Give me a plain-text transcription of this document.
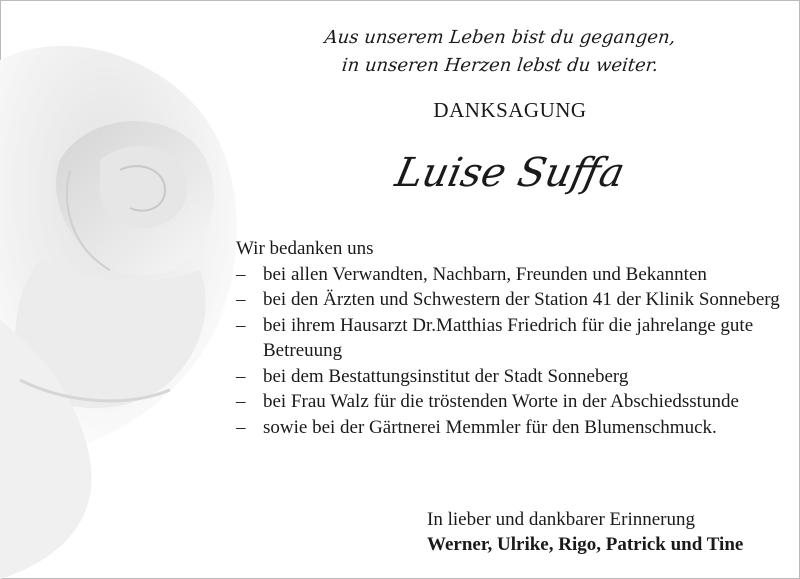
Aus unserem Leben bist du gegangen,
in unseren Herzen lebst du weiter.
DANKSAGUNG
Luise Suffa

Wir bedanken uns

– bei allen Verwandten, Nachbarn, Freunden und Bekannten
– bei den Ärzten und Schwestern der Station 41 der Klinik Sonneberg
– bei ihrem Hausarzt Dr.Matthias Friedrich für die jahrelange gute Betreuung
– bei dem Bestattungsinstitut der Stadt Sonneberg
– bei Frau Walz für die tröstenden Worte in der Abschiedsstunde
– sowie bei der Gärtnerei Memmler für den Blumenschmuck.
In lieber und dankbarer Erinnerung
Werner, Ulrike, Rigo, Patrick und Tine
